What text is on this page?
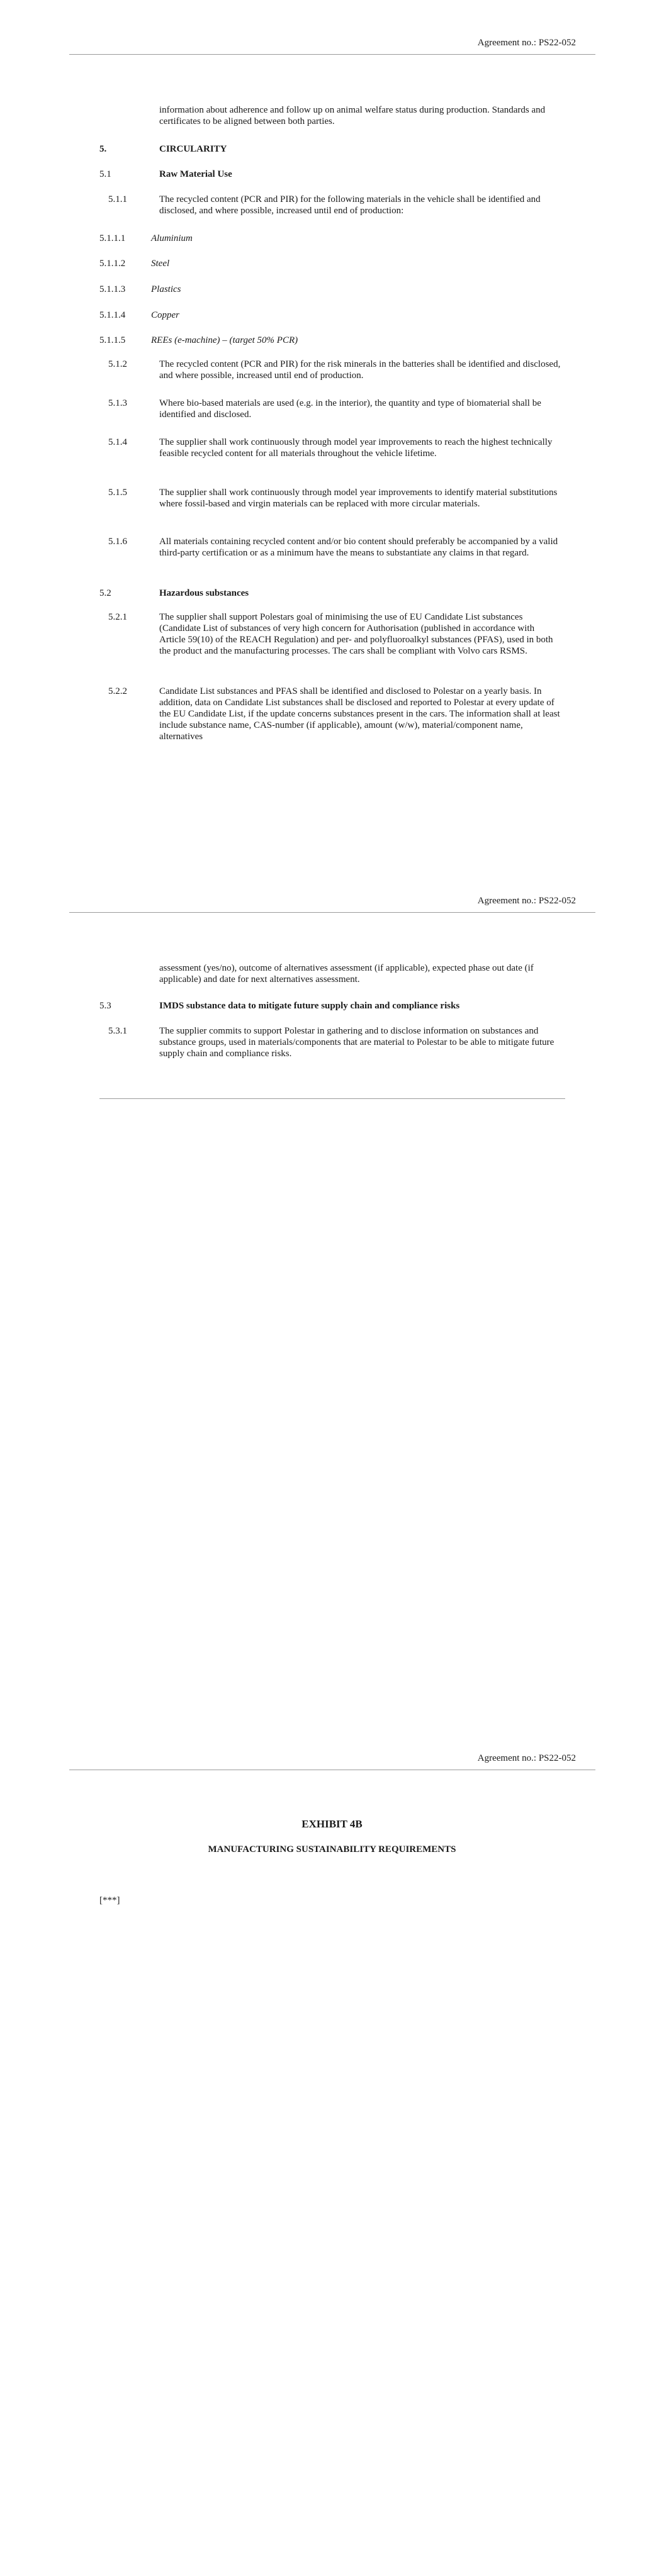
Agreement no.: PS22-052
information about adherence and follow up on animal welfare status during production. Standards and certificates to be aligned between both parties.
5.	CIRCULARITY
5.1	Raw Material Use
5.1.1	The recycled content (PCR and PIR) for the following materials in the vehicle shall be identified and disclosed, and where possible, increased until end of production:
5.1.1.1	Aluminium
5.1.1.2	Steel
5.1.1.3	Plastics
5.1.1.4	Copper
5.1.1.5	REEs (e-machine) – (target 50% PCR)
5.1.2	The recycled content (PCR and PIR) for the risk minerals in the batteries shall be identified and disclosed, and where possible, increased until end of production.
5.1.3	Where bio-based materials are used (e.g. in the interior), the quantity and type of biomaterial shall be identified and disclosed.
5.1.4	The supplier shall work continuously through model year improvements to reach the highest technically feasible recycled content for all materials throughout the vehicle lifetime.
5.1.5	The supplier shall work continuously through model year improvements to identify material substitutions where fossil-based and virgin materials can be replaced with more circular materials.
5.1.6	All materials containing recycled content and/or bio content should preferably be accompanied by a valid third-party certification or as a minimum have the means to substantiate any claims in that regard.
5.2	Hazardous substances
5.2.1	The supplier shall support Polestars goal of minimising the use of EU Candidate List substances (Candidate List of substances of very high concern for Authorisation (published in accordance with Article 59(10) of the REACH Regulation) and per- and polyfluoroalkyl substances (PFAS), used in both the product and the manufacturing processes. The cars shall be compliant with Volvo cars RSMS.
5.2.2	Candidate List substances and PFAS shall be identified and disclosed to Polestar on a yearly basis. In addition, data on Candidate List substances shall be disclosed and reported to Polestar at every update of the EU Candidate List, if the update concerns substances present in the cars. The information shall at least include substance name, CAS-number (if applicable), amount (w/w), material/component name, alternatives
Agreement no.: PS22-052
assessment (yes/no), outcome of alternatives assessment (if applicable), expected phase out date (if applicable) and date for next alternatives assessment.
5.3	IMDS substance data to mitigate future supply chain and compliance risks
5.3.1	The supplier commits to support Polestar in gathering and to disclose information on substances and substance groups, used in materials/components that are material to Polestar to be able to mitigate future supply chain and compliance risks.
Agreement no.: PS22-052
EXHIBIT 4B
MANUFACTURING SUSTAINABILITY REQUIREMENTS
[***]
